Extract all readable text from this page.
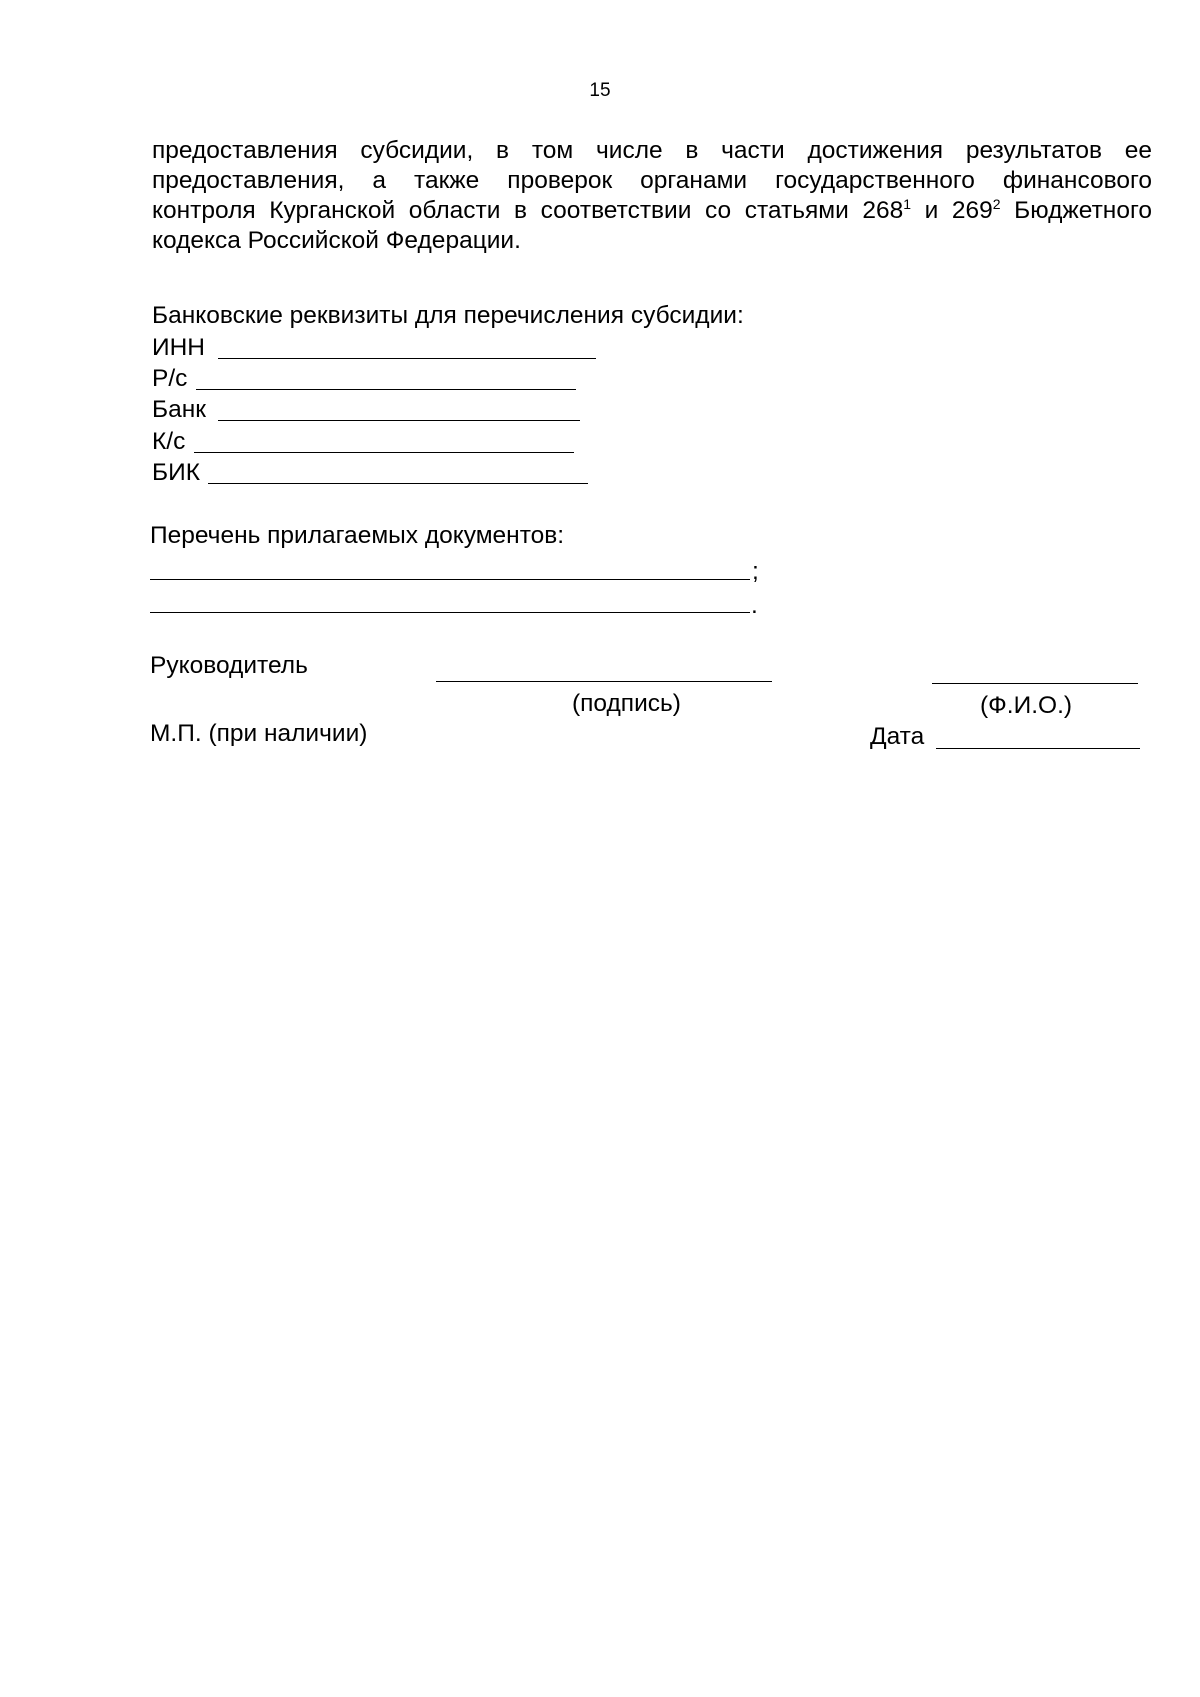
15
предоставления субсидии, в том числе в части достижения результатов ее
предоставления, а также проверок органами государственного финансового
контроля Курганской области в соответствии со статьями $268^1$ и $269^2$ Бюджетного
кодекса Российской Федерации.
Банковские реквизиты для перечисления субсидии:
ИНН
Р/с
Банк
К/с
БИК
Перечень прилагаемых документов:
;
.
Руководитель
(подпись)	(Ф.И.О.)
М.П. (при наличии)	Дата
